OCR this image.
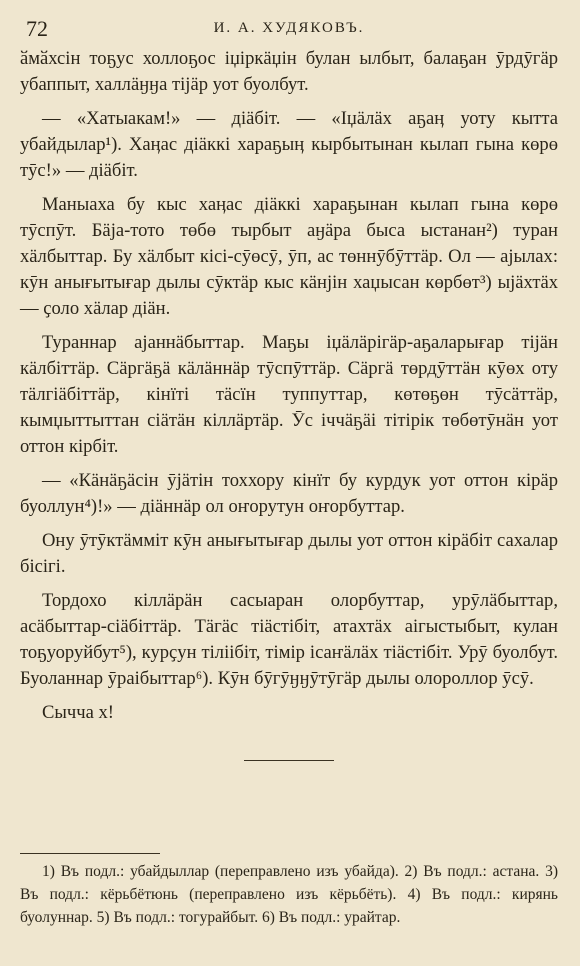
72	И. А. ХУДЯКОВЪ.

ӑмӑхсін тоҕус холлоҕос іџіркӓџін булан ылбыт, балаҕан ӯрдӯгӓр убаппыт, халлӓӈӈа тіјӓр уот буолбут.

— «Хатыакам!» — діӓбіт. — «Іџӓлӓх аҕаӊ уоту кытта убайдылар¹). Хаӊас діӓккі хараҕыӊ кырбытынан кылап гына көрө тӯс!» — діӓбіт.

Маныаха бу кыс хаӊас діӓккі хараҕынан кылап гына көрө тӯспӯт. Бӓја-тото төбө тырбыт аӈӓра быса ыстанан²) туран хӓлбыттар. Бу хӓлбыт кісі-сӯөсӯ, ӯп, ас төннӯбӯттӓр. Ол — ајылах: кӯн анығытығар дылы сӯктӓр кыс кӓнјін хаџысан көрбөт³) ыјӓхтӓх — ҫоло хӓлар діӓн.

Тураннар ајаннӓбыттар. Маҕы іџӓлӓрігӓр-аҕаларығар тіјӓн кӓлбіттӓр. Сӓргӓҕӓ кӓлӓннӓр тӯспӯттӓр. Сӓргӓ төрдӯттӓн кӯөх оту тӓлгіӓбіттӓр, кінїті тӓсїн туппуттар, көтөҕөн тӯсӓттӓр, кымџыттыттан сіӓтӓн кіллӓртӓр. Ӯс іччӓҕӓі тітірік төбөтӯнӓн уот оттон кірбіт.

— «Кӓнӓҕӓсін ӯјӓтін тоххору кінїт бу курдук уот оттон кірӓр буоллун⁴)!» — діӓннӓр ол оҥорутун оҥорбуттар.

Ону ӯтӯктӓмміт кӯн анығытығар дылы уот оттон кірӓбіт сахалар бісігі.

Тордохо кіллӓрӓн сасыаран олорбуттар, урӯлӓбыттар, асӓбыттар-сіӓбіттӓр. Тӓгӓс тіӓстібіт, атахтӓх аігыстыбыт, кулан тоҕуоруйбут⁵), курҫун тіліібіт, тімір ісаҥӓлӓх тіӓстібіт. Урӯ буолбут. Буоланнар ӯраібыттар⁶). Кӯн бӯгӯӈӈӯтӯгӓр дылы олороллор ӯсӯ.

Сычча х!

1) Въ подл.: убайдыллар (переправлено изъ убайда). 2) Въ подл.: астана. 3) Въ подл.: кёрьбётюнь (переправлено изъ кёрьбёть). 4) Въ подл.: кирянь буолуннар. 5) Въ подл.: тогурайбыт. 6) Въ подл.: урайтар.
